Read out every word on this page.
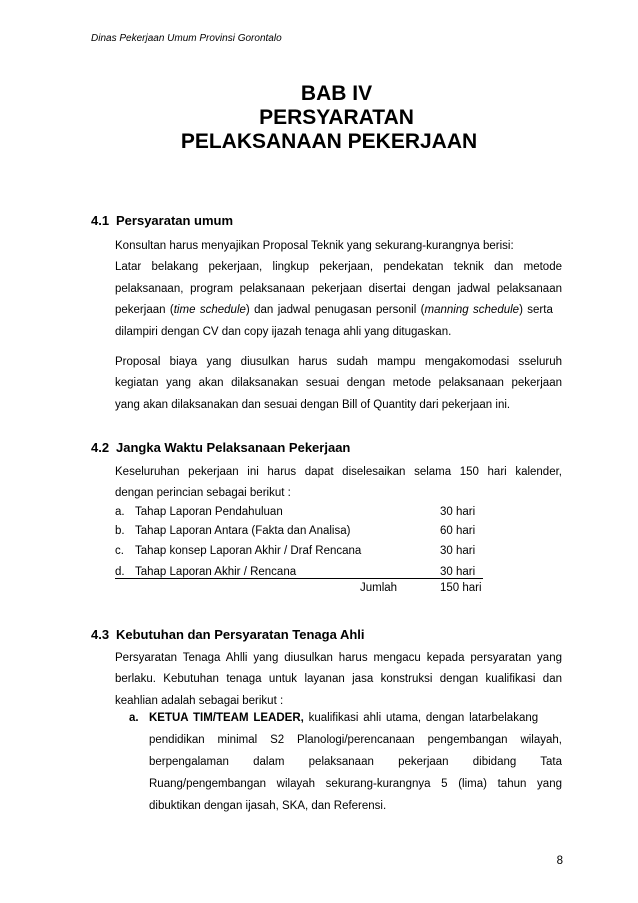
Dinas Pekerjaan Umum Provinsi Gorontalo
BAB IV
PERSYARATAN
PELAKSANAAN PEKERJAAN
4.1 Persyaratan umum
Konsultan harus menyajikan Proposal Teknik yang sekurang-kurangnya berisi:
Latar belakang pekerjaan, lingkup pekerjaan, pendekatan teknik dan metode
pelaksanaan, program pelaksanaan pekerjaan disertai dengan jadwal pelaksanaan
pekerjaan (time schedule) dan jadwal penugasan personil (manning schedule) serta
dilampiri dengan CV dan copy ijazah tenaga ahli yang ditugaskan.
Proposal biaya yang diusulkan harus sudah mampu mengakomodasi sseluruh
kegiatan yang akan dilaksanakan sesuai dengan metode pelaksanaan pekerjaan
yang akan dilaksanakan dan sesuai dengan Bill of Quantity dari pekerjaan ini.
4.2 Jangka Waktu Pelaksanaan Pekerjaan
Keseluruhan pekerjaan ini harus dapat diselesaikan selama 150 hari kalender,
dengan perincian sebagai berikut :
a. Tahap Laporan Pendahuluan	30 hari
b. Tahap Laporan Antara (Fakta dan Analisa)	60 hari
c. Tahap konsep Laporan Akhir / Draf Rencana	30 hari
d. Tahap Laporan Akhir / Rencana	30 hari
Jumlah	150 hari
4.3 Kebutuhan dan Persyaratan Tenaga Ahli
Persyaratan Tenaga Ahlli yang diusulkan harus mengacu kepada persyaratan yang
berlaku. Kebutuhan tenaga untuk layanan jasa konstruksi dengan kualifikasi dan
keahlian adalah sebagai berikut :
a. KETUA TIM/TEAM LEADER, kualifikasi ahli utama, dengan latarbelakang
pendidikan minimal S2 Planologi/perencanaan pengembangan wilayah,
berpengalaman dalam pelaksanaan pekerjaan dibidang Tata
Ruang/pengembangan wilayah sekurang-kurangnya 5 (lima) tahun yang
dibuktikan dengan ijasah, SKA, dan Referensi.
8
